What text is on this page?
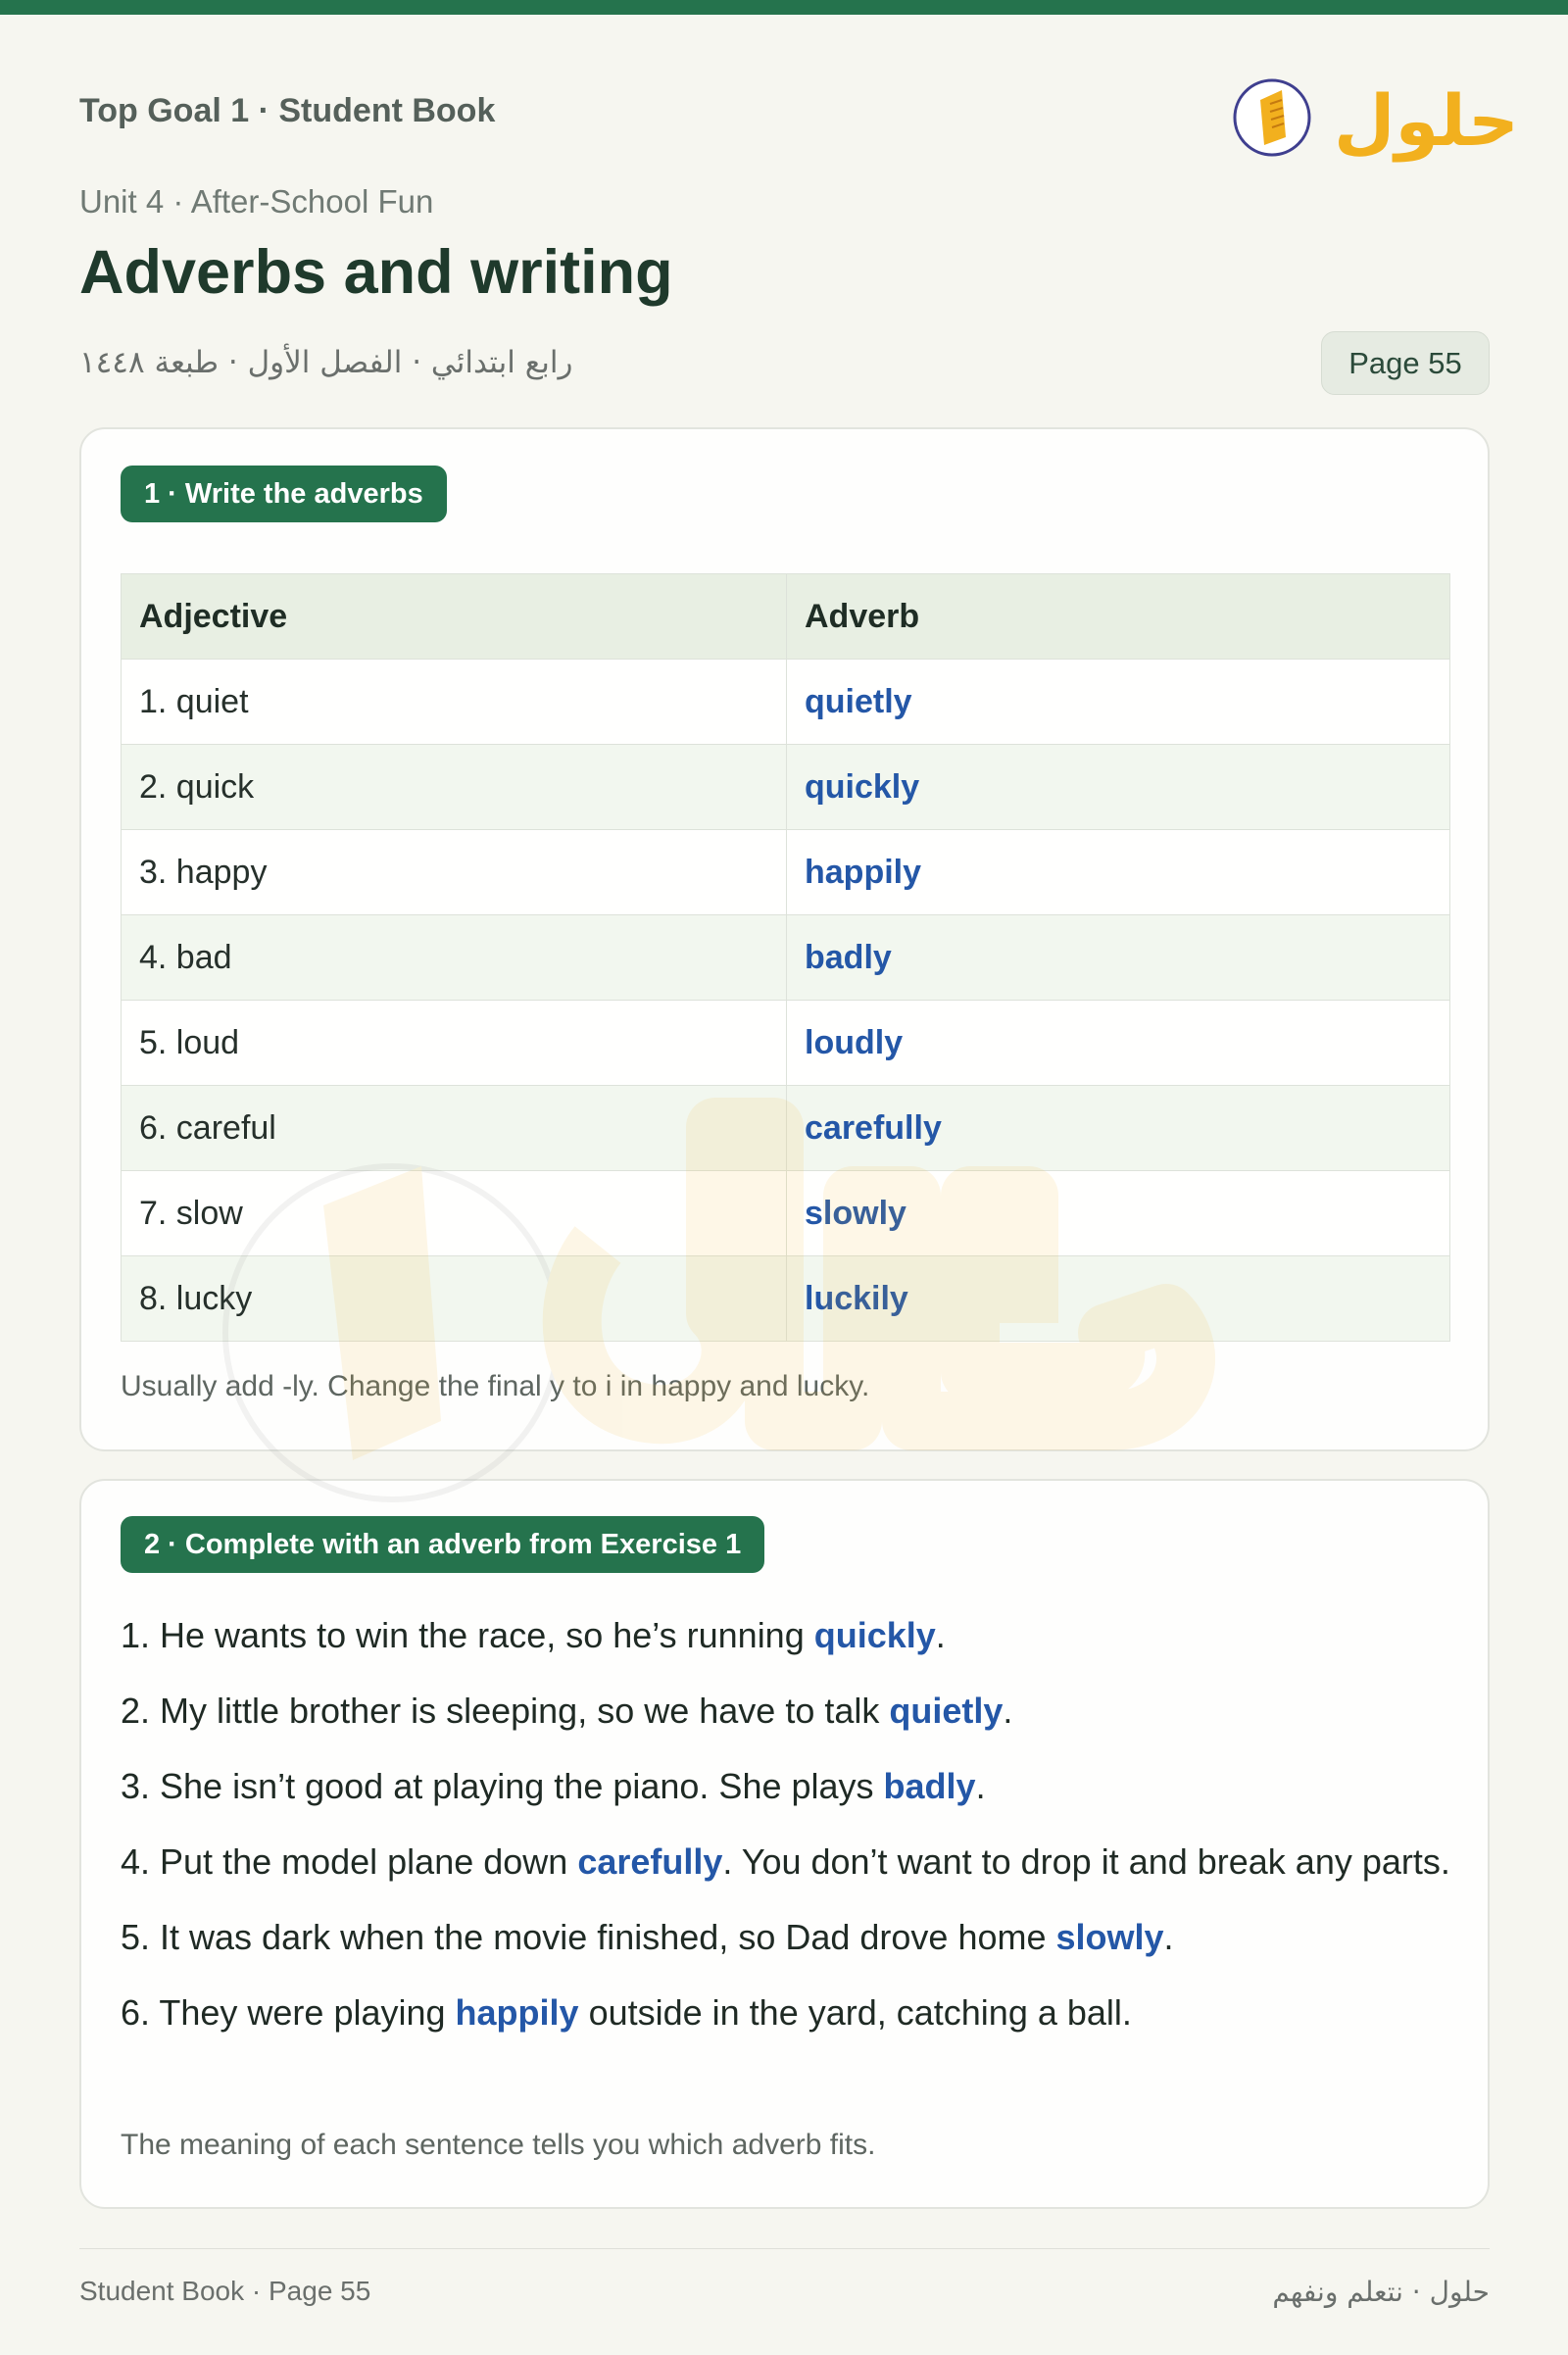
Top Goal 1 · Student Book	حلول
Unit 4 · After-School Fun
Adverbs and writing
رابع ابتدائي · الفصل الأول · طبعة ١٤٤٨	Page 55
1 · Write the adverbs
Adjective	Adverb
1. quiet	quietly
2. quick	quickly
3. happy	happily
4. bad	badly
5. loud	loudly
6. careful	carefully
7. slow	slowly
8. lucky	luckily
Usually add -ly. Change the final y to i in happy and lucky.
2 · Complete with an adverb from Exercise 1
1. He wants to win the race, so he’s running quickly.
2. My little brother is sleeping, so we have to talk quietly.
3. She isn’t good at playing the piano. She plays badly.
4. Put the model plane down carefully. You don’t want to drop it and break any parts.
5. It was dark when the movie finished, so Dad drove home slowly.
6. They were playing happily outside in the yard, catching a ball.
The meaning of each sentence tells you which adverb fits.
Student Book · Page 55	حلول · نتعلم ونفهم
